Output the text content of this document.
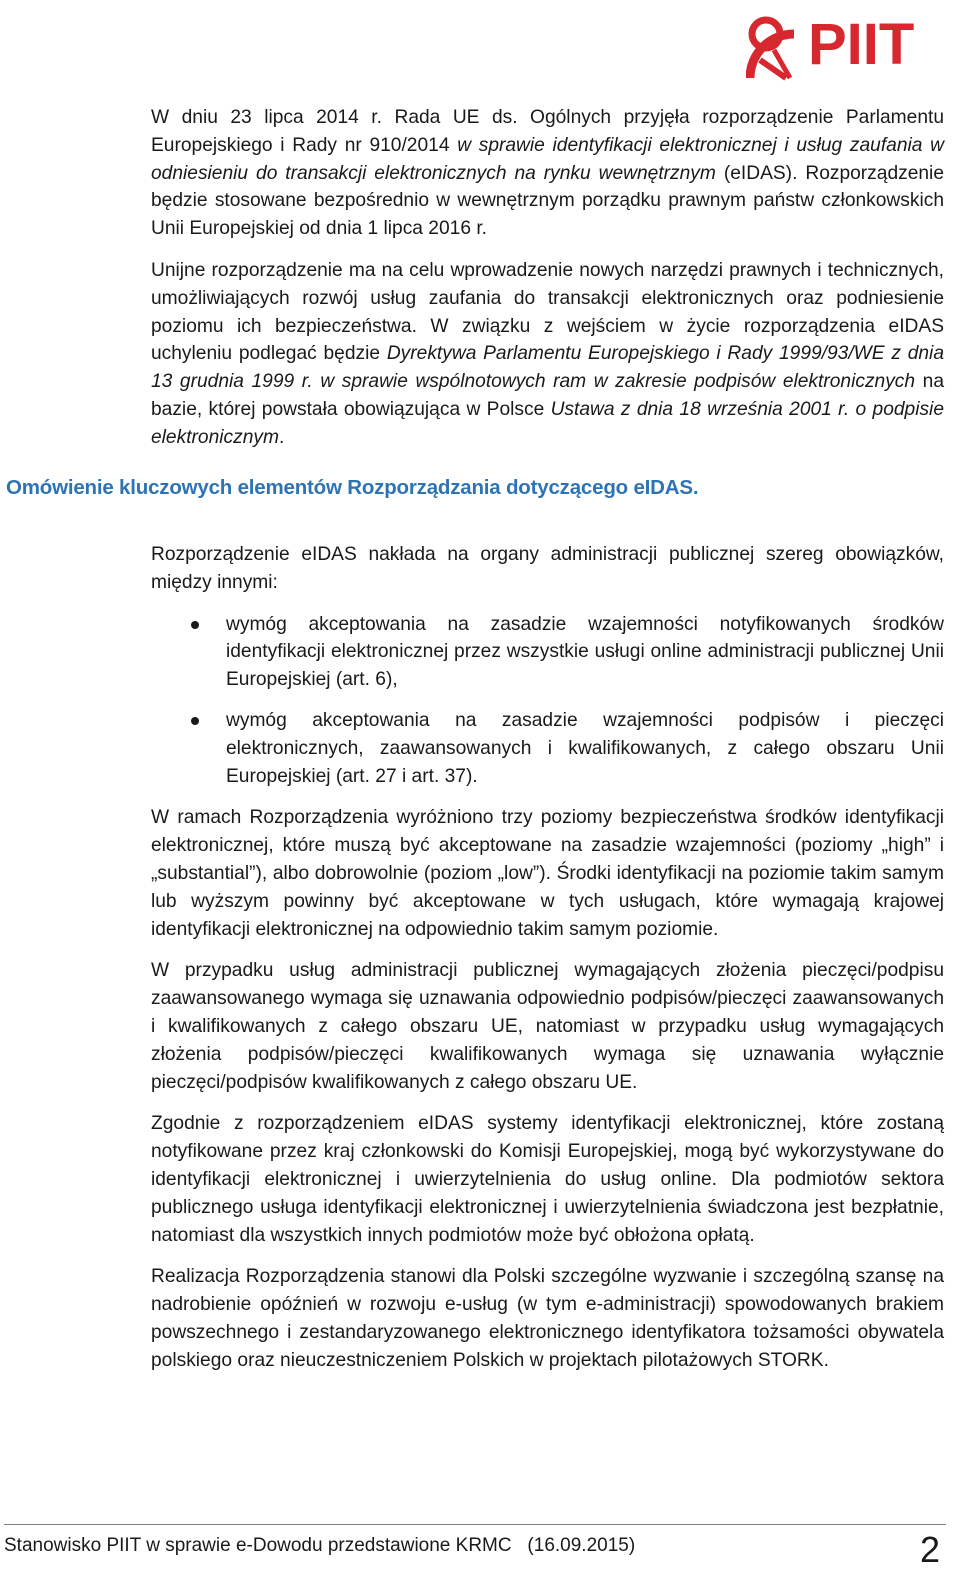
PIIT

W dniu 23 lipca 2014 r. Rada UE ds. Ogólnych przyjęła rozporządzenie Parlamentu Europejskiego i Rady nr 910/2014 w sprawie identyfikacji elektronicznej i usług zaufania w odniesieniu do transakcji elektronicznych na rynku wewnętrznym (eIDAS). Rozporządzenie będzie stosowane bezpośrednio w wewnętrznym porządku prawnym państw członkowskich Unii Europejskiej od dnia 1 lipca 2016 r.

Unijne rozporządzenie ma na celu wprowadzenie nowych narzędzi prawnych i technicznych, umożliwiających rozwój usług zaufania do transakcji elektronicznych oraz podniesienie poziomu ich bezpieczeństwa. W związku z wejściem w życie rozporządzenia eIDAS uchyleniu podlegać będzie Dyrektywa Parlamentu Europejskiego i Rady 1999/93/WE z dnia 13 grudnia 1999 r. w sprawie wspólnotowych ram w zakresie podpisów elektronicznych na bazie, której powstała obowiązująca w Polsce Ustawa z dnia 18 września 2001 r. o podpisie elektronicznym.

Omówienie kluczowych elementów Rozporządzania dotyczącego eIDAS.

Rozporządzenie eIDAS nakłada na organy administracji publicznej szereg obowiązków, między innymi:

wymóg akceptowania na zasadzie wzajemności notyfikowanych środków identyfikacji elektronicznej przez wszystkie usługi online administracji publicznej Unii Europejskiej (art. 6),
wymóg akceptowania na zasadzie wzajemności podpisów i pieczęci elektronicznych, zaawansowanych i kwalifikowanych, z całego obszaru Unii Europejskiej (art. 27 i art. 37).

W ramach Rozporządzenia wyróżniono trzy poziomy bezpieczeństwa środków identyfikacji elektronicznej, które muszą być akceptowane na zasadzie wzajemności (poziomy „high” i „substantial”), albo dobrowolnie (poziom „low”). Środki identyfikacji na poziomie takim samym lub wyższym powinny być akceptowane w tych usługach, które wymagają krajowej identyfikacji elektronicznej na odpowiednio takim samym poziomie.

W przypadku usług administracji publicznej wymagających złożenia pieczęci/podpisu zaawansowanego wymaga się uznawania odpowiednio podpisów/pieczęci zaawansowanych i kwalifikowanych z całego obszaru UE, natomiast w przypadku usług wymagających złożenia podpisów/pieczęci kwalifikowanych wymaga się uznawania wyłącznie pieczęci/podpisów kwalifikowanych z całego obszaru UE.

Zgodnie z rozporządzeniem eIDAS systemy identyfikacji elektronicznej, które zostaną notyfikowane przez kraj członkowski do Komisji Europejskiej, mogą być wykorzystywane do identyfikacji elektronicznej i uwierzytelnienia do usług online. Dla podmiotów sektora publicznego usługa identyfikacji elektronicznej i uwierzytelnienia świadczona jest bezpłatnie, natomiast dla wszystkich innych podmiotów może być obłożona opłatą.

Realizacja Rozporządzenia stanowi dla Polski szczególne wyzwanie i szczególną szansę na nadrobienie opóźnień w rozwoju e-usług (w tym e-administracji) spowodowanych brakiem powszechnego i zestandaryzowanego elektronicznego identyfikatora tożsamości obywatela polskiego oraz nieuczestniczeniem Polskich w projektach pilotażowych STORK.

Stanowisko PIIT w sprawie e-Dowodu przedstawione KRMC   (16.09.2015)	2
